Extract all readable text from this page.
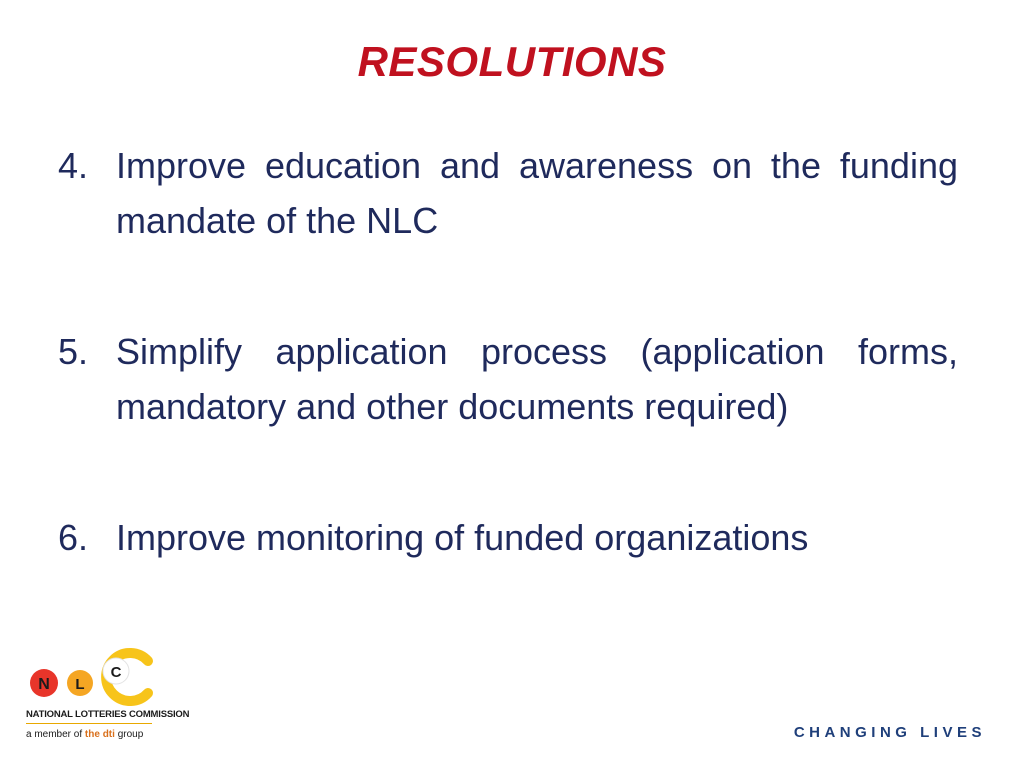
RESOLUTIONS
4. Improve education and awareness on the funding mandate of the NLC
5. Simplify application process (application forms, mandatory and other documents required)
6. Improve monitoring of funded organizations
N L
C
NATIONAL LOTTERIES COMMISSION
a member of the dti group	CHANGING LIVES
